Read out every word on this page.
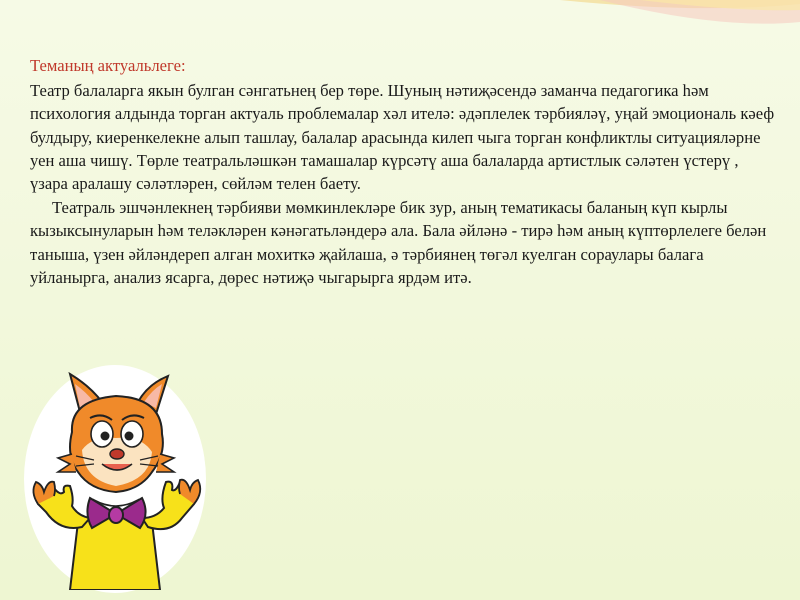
Теманың актуальлеге:

Театр балаларга якын булган сәнгатьнең бер төре. Шуның нәтиҗәсендә заманча педагогика һәм психология алдында торган актуаль проблемалар хәл ителә: әдәплелек тәрбияләү, уңай эмоциональ кәеф булдыру, киеренкелекне алып ташлау, балалар арасында килеп чыга торган конфликтлы ситуацияләрне уен аша чишү. Төрле театральләшкән тамашалар күрсәтү аша балаларда артистлык сәләтен үстерү , үзара аралашу сәләтләрен, сөйләм телен баету.

Театраль эшчәнлекнең тәрбияви мөмкинлекләре бик зур, аның тематикасы баланың күп кырлы кызыксынуларын һәм теләкләрен кәнәгатьләндерә ала. Бала әйләнә - тирә һәм аның күптөрлелеге белән таныша, үзен әйләндереп алган мохиткә җайлаша, ә тәрбиянең төгәл куелган сораулары балага уйланырга, анализ ясарга, дөрес нәтиҗә чыгарырга ярдәм итә.
